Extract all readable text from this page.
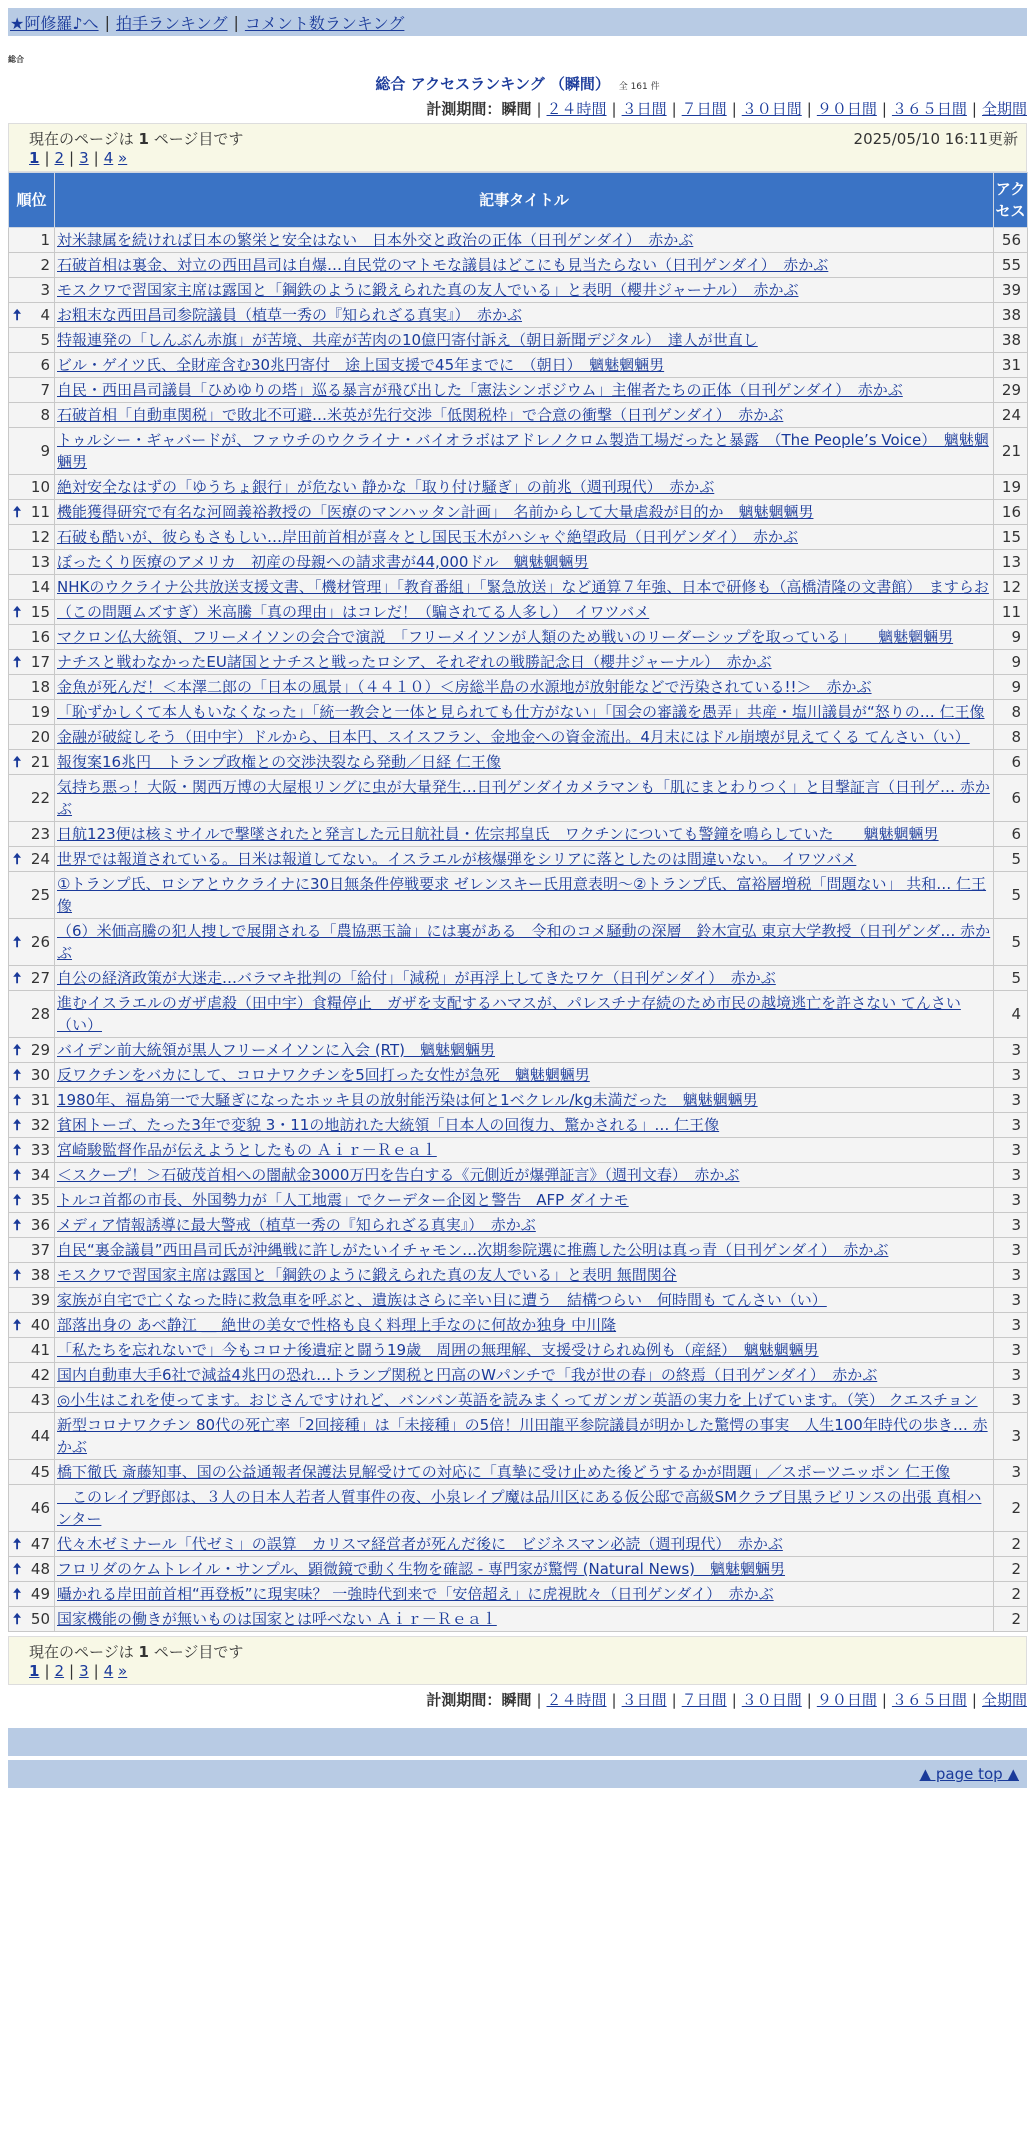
★阿修羅♪へ | 拍手ランキング | コメント数ランキング
総合
総合 アクセスランキング （瞬間） 全 161 件
計測期間：瞬間 | ２４時間 | ３日間 | ７日間 | ３０日間 | ９０日間 | ３６５日間 | 全期間
現在のページは 1 ページ目です	2025/05/10 16:11更新
1 | 2 | 3 | 4 »
順位	記事タイトル	アクセス
1	対米隷属を続ければ日本の繁栄と安全はない　日本外交と政治の正体（日刊ゲンダイ）　赤かぶ	56
2	石破首相は裏金、対立の西田昌司は自爆…自民党のマトモな議員はどこにも見当たらない（日刊ゲンダイ）　赤かぶ	55
3	モスクワで習国家主席は露国と「鋼鉄のように鍛えられた真の友人でいる」と表明（櫻井ジャーナル）　赤かぶ	39

🠅 4	お粗末な西田昌司参院議員（植草一秀の『知られざる真実』）　赤かぶ	38
5	特報連発の「しんぶん赤旗」が苦境、共産が苦肉の10億円寄付訴え（朝日新聞デジタル）　達人が世直し	38
6	ビル・ゲイツ氏、全財産含む30兆円寄付　途上国支援で45年までに　（朝日）　魑魅魍魎男	31
7	自民・西田昌司議員「ひめゆりの塔」巡る暴言が飛び出した「憲法シンポジウム」主催者たちの正体（日刊ゲンダイ）　赤かぶ	29
8	石破首相「自動車関税」で敗北不可避…米英が先行交渉「低関税枠」で合意の衝撃（日刊ゲンダイ）　赤かぶ	24
9	トゥルシー・ギャバードが、ファウチのウクライナ・バイオラボはアドレノクロム製造工場だったと暴露　（The People’s Voice）　魑魅魍魎男	21
10	絶対安全なはずの「ゆうちょ銀行」が危ない 静かな「取り付け騒ぎ」の前兆（週刊現代）　赤かぶ	19

🠅 11	機能獲得研究で有名な河岡義裕教授の「医療のマンハッタン計画」　名前からして大量虐殺が目的か　魑魅魍魎男	16
12	石破も酷いが、彼らもさもしい…岸田前首相が喜々とし国民玉木がハシャぐ絶望政局（日刊ゲンダイ）　赤かぶ	15
13	ぼったくり医療のアメリカ　初産の母親への請求書が44,000ドル　魑魅魍魎男	13
14	NHKのウクライナ公共放送支援文書、「機材管理」「教育番組」「緊急放送」など通算７年強、日本で研修も（高橋清隆の文書館）　ますらお	12

🠅 15	（この問題ムズすぎ）米高騰「真の理由」はコレだ！（騙されてる人多し）　イワツバメ	11
16	マクロン仏大統領、フリーメイソンの会合で演説　「フリーメイソンが人類のため戦いのリーダーシップを取っている」　　魑魅魍魎男	9

🠅 17	ナチスと戦わなかったEU諸国とナチスと戦ったロシア、それぞれの戦勝記念日（櫻井ジャーナル）　赤かぶ	9
18	金魚が死んだ！＜本澤二郎の「日本の風景」（４４１０）＜房総半島の水源地が放射能などで汚染されている!!＞　赤かぶ	9
19	「恥ずかしくて本人もいなくなった」「統一教会と一体と見られても仕方がない」「国会の審議を愚弄」共産・塩川議員が“怒りの… 仁王像	8
20	金融が破綻しそう（田中宇）ドルから、日本円、スイスフラン、金地金への資金流出。4月末にはドル崩壊が見えてくる てんさい（い）	8

🠅 21	報復案16兆円　トランプ政権との交渉決裂なら発動／日経 仁王像	6
22	気持ち悪っ！大阪・関西万博の大屋根リングに虫が大量発生…日刊ゲンダイカメラマンも「肌にまとわりつく」と目撃証言（日刊ゲ… 赤かぶ	6
23	日航123便は核ミサイルで撃墜されたと発言した元日航社員・佐宗邦皇氏　ワクチンについても警鐘を鳴らしていた　　魑魅魍魎男	6

🠅 24	世界では報道されている。日米は報道してない。イスラエルが核爆弾をシリアに落としたのは間違いない。 イワツバメ	5
25	①トランプ氏、ロシアとウクライナに30日無条件停戦要求 ゼレンスキー氏用意表明〜②トランプ氏、富裕層増税「問題ない」 共和… 仁王像	5

🠅 26	（6）米価高騰の犯人捜しで展開される「農協悪玉論」には裏がある　令和のコメ騒動の深層　鈴木宣弘 東京大学教授（日刊ゲンダ… 赤かぶ	5

🠅 27	自公の経済政策が大迷走…バラマキ批判の「給付」「減税」が再浮上してきたワケ（日刊ゲンダイ）　赤かぶ	5
28	進むイスラエルのガザ虐殺（田中宇）食糧停止　ガザを支配するハマスが、パレスチナ存続のため市民の越境逃亡を許さない てんさい（い）	4

🠅 29	バイデン前大統領が黒人フリーメイソンに入会 (RT)　魑魅魍魎男	3

🠅 30	反ワクチンをバカにして、コロナワクチンを5回打った女性が急死　魑魅魍魎男	3

🠅 31	1980年、福島第一で大騒ぎになったホッキ貝の放射能汚染は何と1ベクレル/kg未満だった　魑魅魍魎男	3

🠅 32	貧困トーゴ、たった3年で変貌 3・11の地訪れた大統領「日本人の回復力、驚かされる」… 仁王像	3

🠅 33	宮崎駿監督作品が伝えようとしたもの Ａｉｒ－Ｒｅａｌ	3

🠅 34	＜スクープ！＞石破茂首相への闇献金3000万円を告白する《元側近が爆弾証言》（週刊文春）　赤かぶ	3

🠅 35	トルコ首都の市長、外国勢力が「人工地震」でクーデター企図と警告　AFP ダイナモ	3

🠅 36	メディア情報誘導に最大警戒（植草一秀の『知られざる真実』）　赤かぶ	3
37	自民“裏金議員”西田昌司氏が沖縄戦に許しがたいイチャモン…次期参院選に推薦した公明は真っ青（日刊ゲンダイ）　赤かぶ	3

🠅 38	モスクワで習国家主席は露国と「鋼鉄のように鍛えられた真の友人でいる」と表明 無間関谷	3
39	家族が自宅で亡くなった時に救急車を呼ぶと、遺族はさらに辛い目に遭う　結構つらい　何時間も てんさい（い）	3

🠅 40	部落出身の あべ静江 ＿ 絶世の美女で性格も良く料理上手なのに何故か独身 中川隆	3
41	「私たちを忘れないで」今もコロナ後遺症と闘う19歳　周囲の無理解、支援受けられぬ例も（産経）　魑魅魍魎男	3
42	国内自動車大手6社で減益4兆円の恐れ…トランプ関税と円高のWパンチで「我が世の春」の終焉（日刊ゲンダイ）　赤かぶ	3
43	◎小生はこれを使ってます。おじさんですけれど、バンバン英語を読みまくってガンガン英語の実力を上げています。（笑） クエスチョン	3
44	新型コロナワクチン 80代の死亡率「2回接種」は「未接種」の5倍！川田龍平参院議員が明かした驚愕の事実　人生100年時代の歩き… 赤かぶ	3
45	橋下徹氏 斎藤知事、国の公益通報者保護法見解受けての対応に「真摯に受け止めた後どうするかが問題」／スポーツニッポン 仁王像	3
46	　このレイプ野郎は、３人の日本人若者人質事件の夜、小泉レイプ魔は品川区にある仮公邸で高級SMクラブ目黒ラビリンスの出張 真相ハンター	2

🠅 47	代々木ゼミナール「代ゼミ」の誤算　カリスマ経営者が死んだ後に　ビジネスマン必読（週刊現代）　赤かぶ	2

🠅 48	フロリダのケムトレイル・サンプル、顕微鏡で動く生物を確認 - 専門家が驚愕 (Natural News)　魑魅魍魎男	2

🠅 49	囁かれる岸田前首相“再登板”に現実味？ 一強時代到来で「安倍超え」に虎視眈々（日刊ゲンダイ）　赤かぶ	2

🠅 50	国家機能の働きが無いものは国家とは呼べない Ａｉｒ－Ｒｅａｌ	2
現在のページは 1 ページ目です
1 | 2 | 3 | 4 »
計測期間：瞬間 | ２４時間 | ３日間 | ７日間 | ３０日間 | ９０日間 | ３６５日間 | 全期間
▲ page top ▲
